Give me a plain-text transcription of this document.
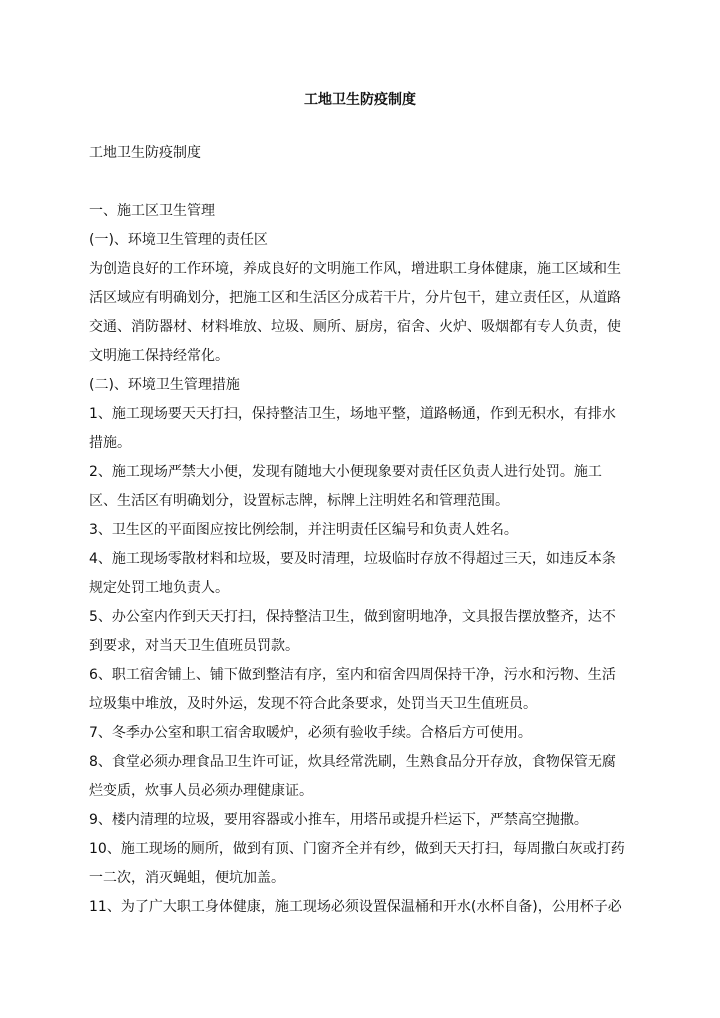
工地卫生防疫制度
工地卫生防疫制度

一、施工区卫生管理

(一)、环境卫生管理的责任区

为创造良好的工作环境，养成良好的文明施工作风，增进职工身体健康，施工区域和生活区域应有明确划分，把施工区和生活区分成若干片，分片包干，建立责任区，从道路交通、消防器材、材料堆放、垃圾、厕所、厨房，宿舍、火炉、吸烟都有专人负责，使文明施工保持经常化。

(二)、环境卫生管理措施

1、施工现场要天天打扫，保持整洁卫生，场地平整，道路畅通，作到无积水，有排水措施。

2、施工现场严禁大小便，发现有随地大小便现象要对责任区负责人进行处罚。施工区、生活区有明确划分，设置标志牌，标牌上注明姓名和管理范围。

3、卫生区的平面图应按比例绘制，并注明责任区编号和负责人姓名。

4、施工现场零散材料和垃圾，要及时清理，垃圾临时存放不得超过三天，如违反本条规定处罚工地负责人。

5、办公室内作到天天打扫，保持整洁卫生，做到窗明地净，文具报告摆放整齐，达不到要求，对当天卫生值班员罚款。

6、职工宿舍铺上、铺下做到整洁有序，室内和宿舍四周保持干净，污水和污物、生活垃圾集中堆放，及时外运，发现不符合此条要求，处罚当天卫生值班员。

7、冬季办公室和职工宿舍取暖炉，必须有验收手续。合格后方可使用。

8、食堂必须办理食品卫生许可证，炊具经常洗刷，生熟食品分开存放，食物保管无腐烂变质，炊事人员必须办理健康证。

9、楼内清理的垃圾，要用容器或小推车，用塔吊或提升栏运下，严禁高空抛撒。

10、施工现场的厕所，做到有顶、门窗齐全并有纱，做到天天打扫，每周撒白灰或打药一二次，消灭蝇蛆，便坑加盖。

11、为了广大职工身体健康，施工现场必须设置保温桶和开水(水杯自备)，公用杯子必
